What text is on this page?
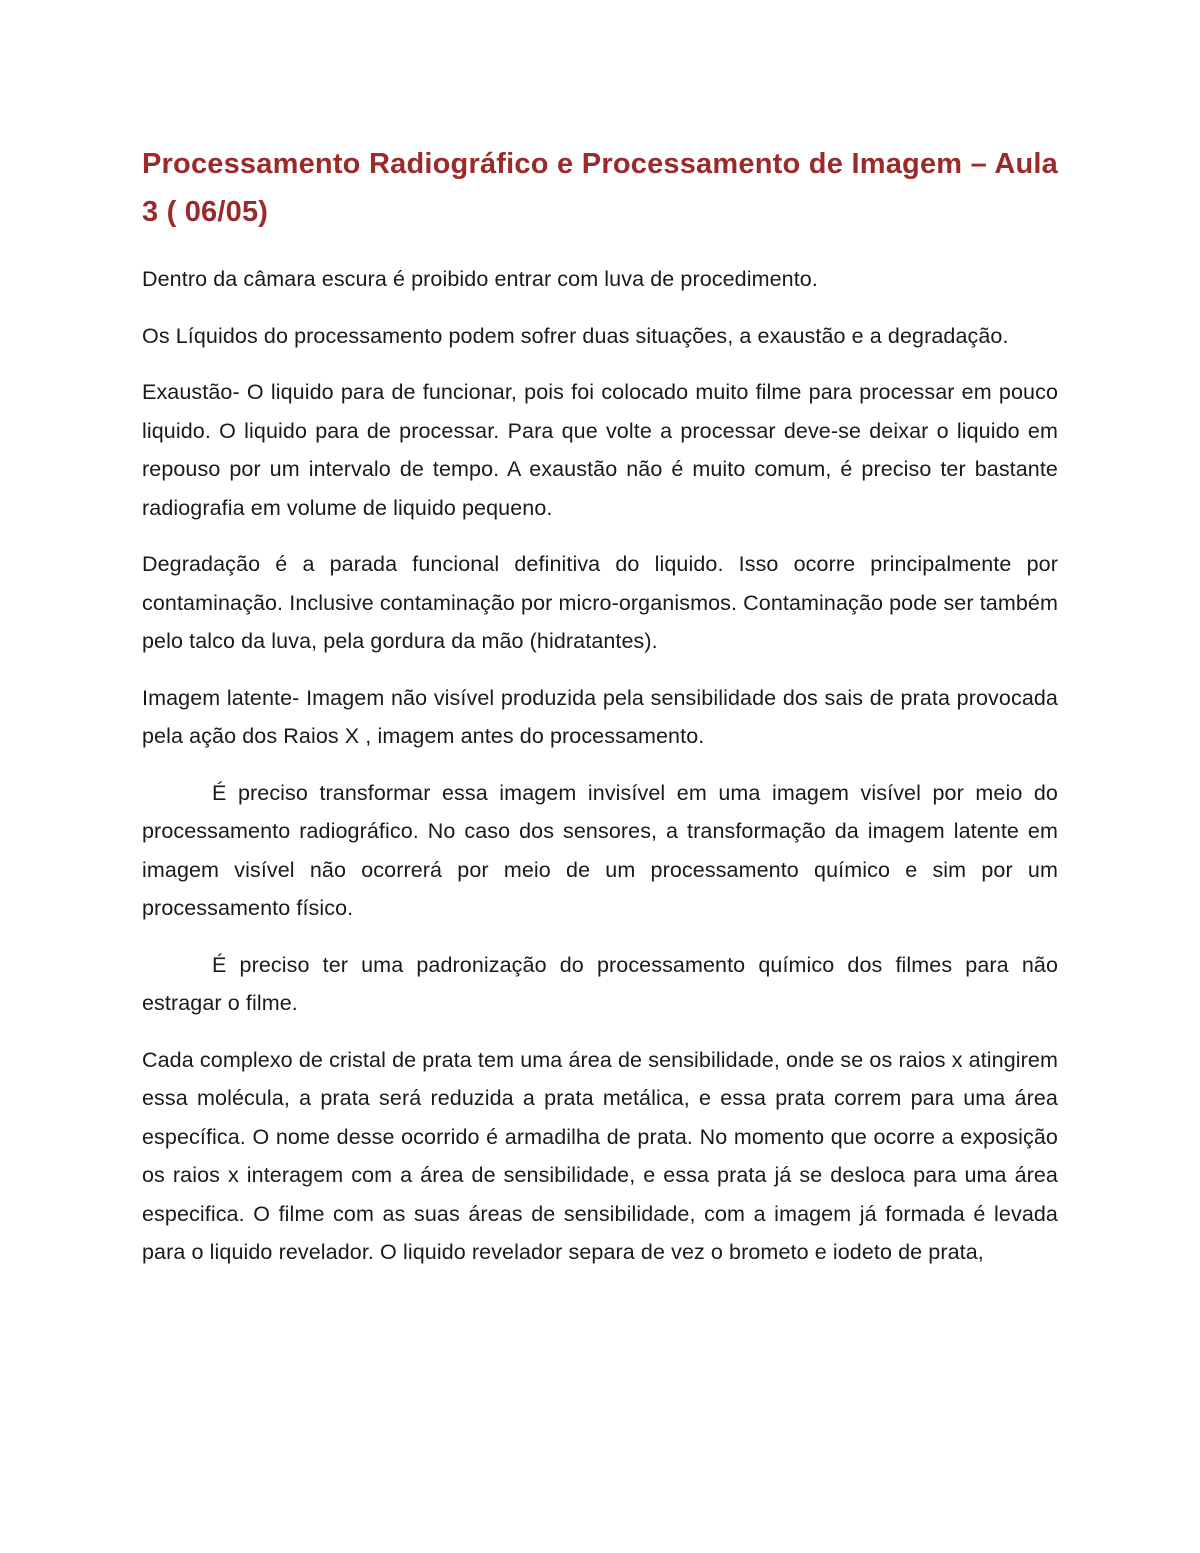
Processamento Radiográfico e Processamento de Imagem – Aula 3 ( 06/05)

Dentro da câmara escura é proibido entrar com luva de procedimento.

Os Líquidos do processamento podem sofrer duas situações, a exaustão e a degradação.

Exaustão- O liquido para de funcionar, pois foi colocado muito filme para processar em pouco liquido. O liquido para de processar. Para que volte a processar deve-se deixar o liquido em repouso por um intervalo de tempo. A exaustão não é muito comum, é preciso ter bastante radiografia em volume de liquido pequeno.

Degradação é a parada funcional definitiva do liquido. Isso ocorre principalmente por contaminação. Inclusive contaminação por micro-organismos. Contaminação pode ser também pelo talco da luva, pela gordura da mão (hidratantes).

Imagem latente- Imagem não visível produzida pela sensibilidade dos sais de prata provocada pela ação dos Raios X , imagem antes do processamento.

É preciso transformar essa imagem invisível em uma imagem visível por meio do processamento radiográfico. No caso dos sensores, a transformação da imagem latente em imagem visível não ocorrerá por meio de um processamento químico e sim por um processamento físico.

É preciso ter uma padronização do processamento químico dos filmes para não estragar o filme.

Cada complexo de cristal de prata tem uma área de sensibilidade, onde se os raios x atingirem essa molécula, a prata será reduzida a prata metálica, e essa prata correm para uma área específica. O nome desse ocorrido é armadilha de prata. No momento que ocorre a exposição os raios x interagem com a área de sensibilidade, e essa prata já se desloca para uma área especifica. O filme com as suas áreas de sensibilidade, com a imagem já formada é levada para o liquido revelador. O liquido revelador separa de vez o brometo e iodeto de prata,
